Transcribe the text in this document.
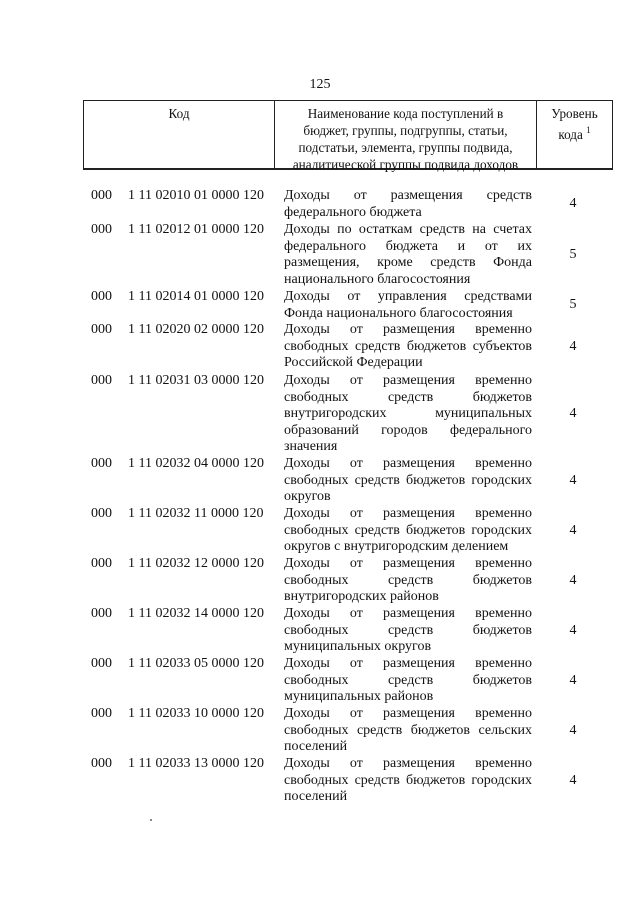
125
Код	Наименование кода поступлений в
бюджет, группы, подгруппы, статьи,
подстатьи, элемента, группы подвида,
аналитической группы подвида доходов
Уровень
кода $^1$
000	1 11 02010 01 0000 120	Доходы от размещения средств
федерального бюджета
4
000	1 11 02012 01 0000 120	Доходы по остаткам средств на счетах
федерального бюджета и от их
размещения, кроме средств Фонда
национального благосостояния
5
000	1 11 02014 01 0000 120	Доходы от управления средствами
Фонда национального благосостояния
5
000	1 11 02020 02 0000 120	Доходы от размещения временно
свободных средств бюджетов субъектов
Российской Федерации
4
000	1 11 02031 03 0000 120	Доходы от размещения временно
свободных средств бюджетов
внутригородских муниципальных
образований городов федерального
значения
4
000	1 11 02032 04 0000 120	Доходы от размещения временно
свободных средств бюджетов городских
округов
4
000	1 11 02032 11 0000 120	Доходы от размещения временно
свободных средств бюджетов городских
округов с внутригородским делением
4
000	1 11 02032 12 0000 120	Доходы от размещения временно
свободных средств бюджетов
внутригородских районов
4
000	1 11 02032 14 0000 120	Доходы от размещения временно
свободных средств бюджетов
муниципальных округов
4
000	1 11 02033 05 0000 120	Доходы от размещения временно
свободных средств бюджетов
муниципальных районов
4
000	1 11 02033 10 0000 120	Доходы от размещения временно
свободных средств бюджетов сельских
поселений
4
000	1 11 02033 13 0000 120	Доходы от размещения временно
свободных средств бюджетов городских
поселений
4
